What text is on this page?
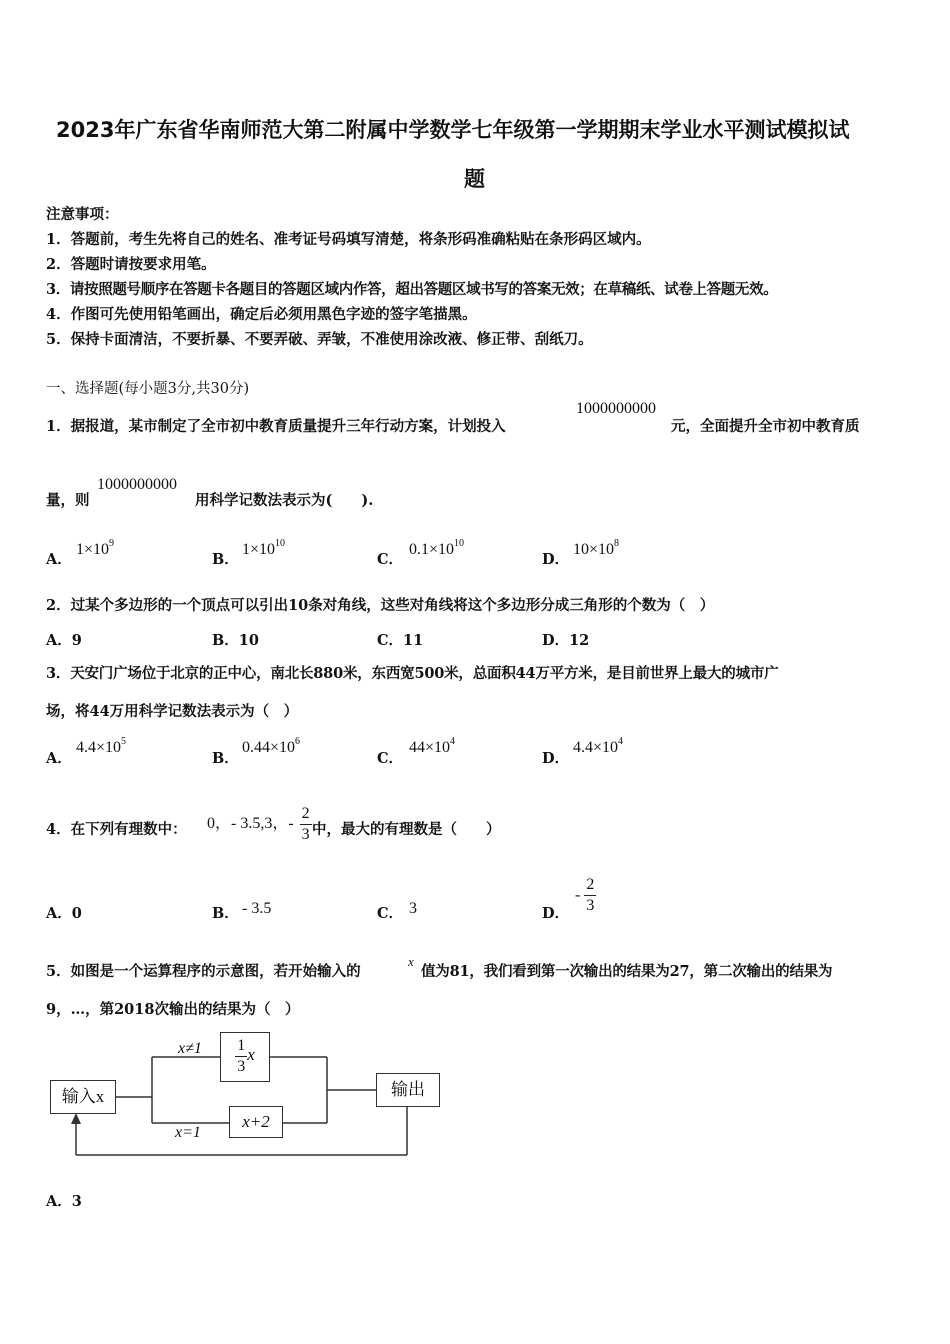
2023年广东省华南师范大第二附属中学数学七年级第一学期期末学业水平测试模拟试
题
注意事项：
1．答题前，考生先将自己的姓名、准考证号码填写清楚，将条形码准确粘贴在条形码区域内。
2．答题时请按要求用笔。
3．请按照题号顺序在答题卡各题目的答题区域内作答，超出答题区域书写的答案无效；在草稿纸、试卷上答题无效。
4．作图可先使用铅笔画出，确定后必须用黑色字迹的签字笔描黑。
5．保持卡面清洁，不要折暴、不要弄破、弄皱，不准使用涂改液、修正带、刮纸刀。
一、选择题(每小题3分,共30分)
1．据报道，某市制定了全市初中教育质量提升三年行动方案，计划投入
1000000000
元，全面提升全市初中教育质
量，则
1000000000
用科学记数法表示为(　　).
A．
$1\times 10^9$
B．
$1\times 10^{10}$
C．
$0.1\times 10^{10}$
D．
$10\times 10^8$
2．过某个多边形的一个顶点可以引出10条对角线，这些对角线将这个多边形分成三角形的个数为（　）
A．9	B．10	C．11	D．12
3．天安门广场位于北京的正中心，南北长880米，东西宽500米，总面积44万平方米，是目前世界上最大的城市广
场，将44万用科学记数法表示为（　）
A．
$4.4\times 10^5$
B．
$0.44\times 10^6$
C．
$44\times 10^4$
D．
$4.4\times 10^4$
4．在下列有理数中： 0，- 3.5,3，- $\frac{2}{3}$ 中，最大的有理数是（　　）
A．0	B． - 3.5	C． 3	D．
- $\frac{2}{3}$
5．如图是一个运算程序的示意图，若开始输入的
x
值为81，我们看到第一次输出的结果为27，第二次输出的结果为
9，…，第2018次输出的结果为（　）
输入x
$x\ne 1 \frac{1}{3}$ x
x=1
x+2
输出
A．3
